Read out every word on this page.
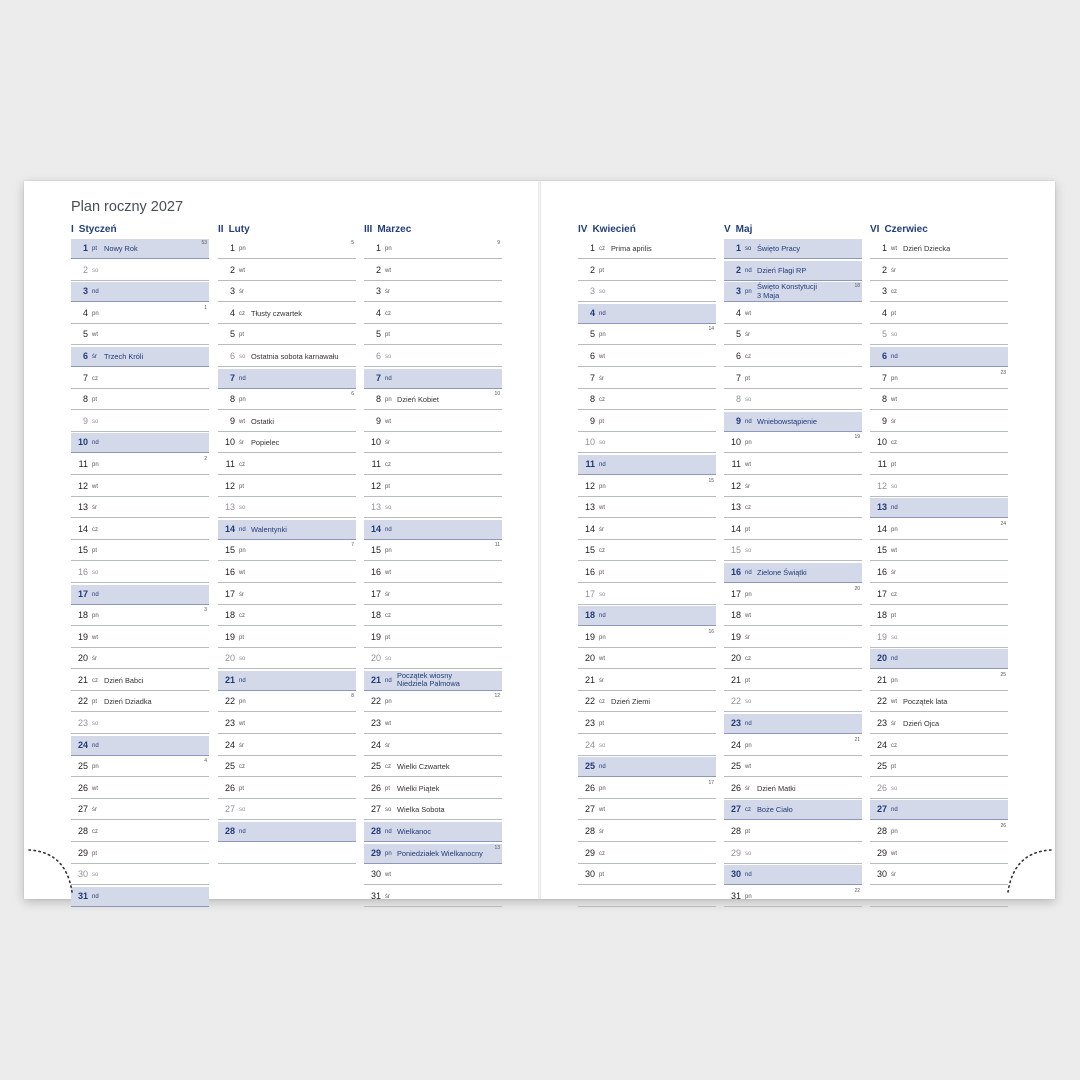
Plan roczny 2027
I Styczeń
1 pt Nowy Rok
53
2 so
3 nd
4 pn
1
5 wt
6 śr Trzech Króli
7 cz
8 pt
9 so
10 nd
11 pn
2
12 wt
13 śr
14 cz
15 pt
16 so
17 nd
18 pn
3
19 wt
20 śr
21 cz Dzień Babci
22 pt Dzień Dziadka
23 so
24 nd
25 pn
4
26 wt
27 śr
28 cz
29 pt
30 so
31 nd
II Luty
1 pn
5
2 wt
3 śr
4 cz Tłusty czwartek
5 pt
6 so Ostatnia sobota karnawału
7 nd
8 pn
6
9 wt Ostatki
10 śr Popielec
11 cz
12 pt
13 so
14 nd Walentynki
15 pn
7
16 wt
17 śr
18 cz
19 pt
20 so
21 nd
22 pn
8
23 wt
24 śr
25 cz
26 pt
27 so
28 nd
III Marzec
1 pn
9
2 wt
3 śr
4 cz
5 pt
6 so
7 nd
8 pn Dzień Kobiet
10
9 wt
10 śr
11 cz
12 pt
13 so
14 nd
15 pn
11
16 wt
17 śr
18 cz
19 pt
20 so
21 nd
Początek wiosny
Niedziela Palmowa
22 pn
12
23 wt
24 śr
25 cz Wielki Czwartek
26 pt Wielki Piątek
27 so Wielka Sobota
28 nd Wielkanoc
29 pn Poniedziałek Wielkanocny
13
30 wt
31 śr
IV Kwiecień
1 cz Prima aprilis
2 pt
3 so
4 nd
5 pn
14
6 wt
7 śr
8 cz
9 pt
10 so
11 nd
12 pn
15
13 wt
14 śr
15 cz
16 pt
17 so
18 nd
19 pn
16
20 wt
21 śr
22 cz Dzień Ziemi
23 pt
24 so
25 nd
26 pn
17
27 wt
28 śr
29 cz
30 pt
V Maj
1 so Święto Pracy
2 nd Dzień Flagi RP
3 pn
Święto Konstytucji
3 Maja
18
4 wt
5 śr
6 cz
7 pt
8 so
9 nd Wniebowstąpienie
10 pn
19
11 wt
12 śr
13 cz
14 pt
15 so
16 nd Zielone Świątki
17 pn
20
18 wt
19 śr
20 cz
21 pt
22 so
23 nd
24 pn
21
25 wt
26 śr Dzień Matki
27 cz Boże Ciało
28 pt
29 so
30 nd
31 pn
22
VI Czerwiec
1 wt Dzień Dziecka
2 śr
3 cz
4 pt
5 so
6 nd
7 pn
23
8 wt
9 śr
10 cz
11 pt
12 so
13 nd
14 pn
24
15 wt
16 śr
17 cz
18 pt
19 so
20 nd
21 pn
25
22 wt Początek lata
23 śr Dzień Ojca
24 cz
25 pt
26 so
27 nd
28 pn
26
29 wt
30 śr
